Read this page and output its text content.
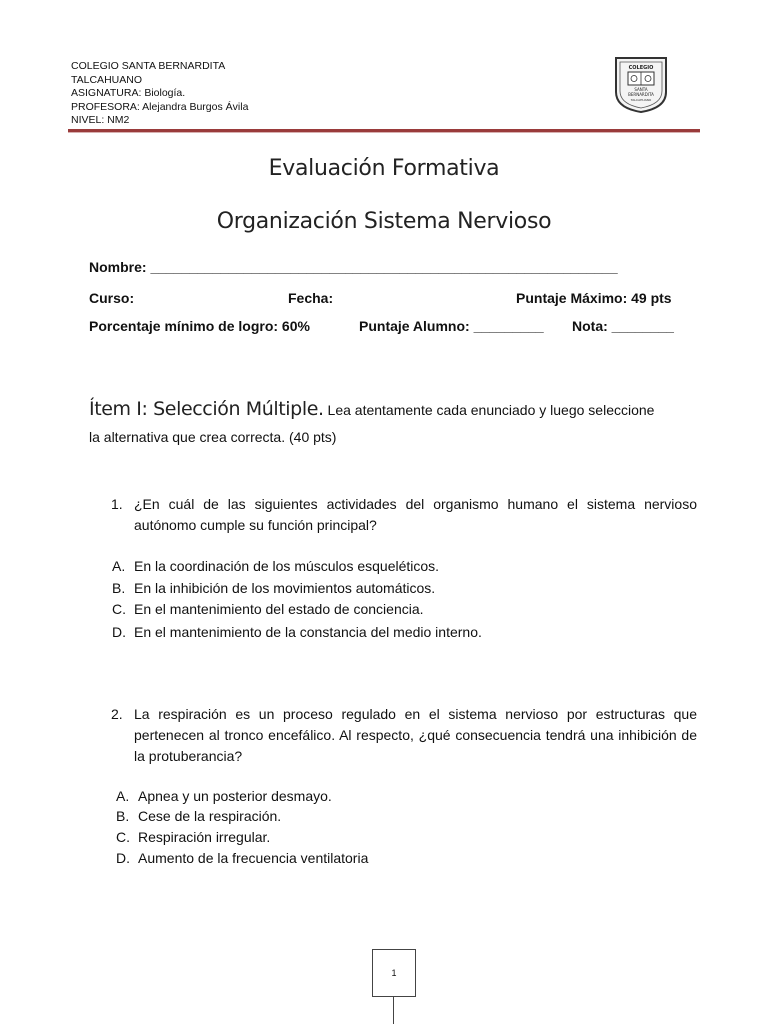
COLEGIO SANTA BERNARDITA
TALCAHUANO
ASIGNATURA: Biología.
PROFESORA: Alejandra Burgos Ávila
NIVEL: NM2
COLEGIO
SANTA
BERNARDITA
TALCAHUANO
Evaluación Formativa
Organización Sistema Nervioso
Nombre: ____________________________________________________________
Curso:	Fecha:	Puntaje Máximo: 49 pts
Porcentaje mínimo de logro: 60%	Puntaje Alumno: _________ Nota: ________
Ítem I: Selección Múltiple. Lea atentamente cada enunciado y luego seleccione
la alternativa que crea correcta. (40 pts)
1. ¿En cuál de las siguientes actividades del organismo humano el sistema nervioso autónomo cumple su función principal?
A. En la coordinación de los músculos esqueléticos.
B. En la inhibición de los movimientos automáticos.
C. En el mantenimiento del estado de conciencia.
D. En el mantenimiento de la constancia del medio interno.
2. La respiración es un proceso regulado en el sistema nervioso por estructuras que pertenecen al tronco encefálico. Al respecto, ¿qué consecuencia tendrá una inhibición de la protuberancia?
A. Apnea y un posterior desmayo.
B. Cese de la respiración.
C. Respiración irregular.
D. Aumento de la frecuencia ventilatoria
1
